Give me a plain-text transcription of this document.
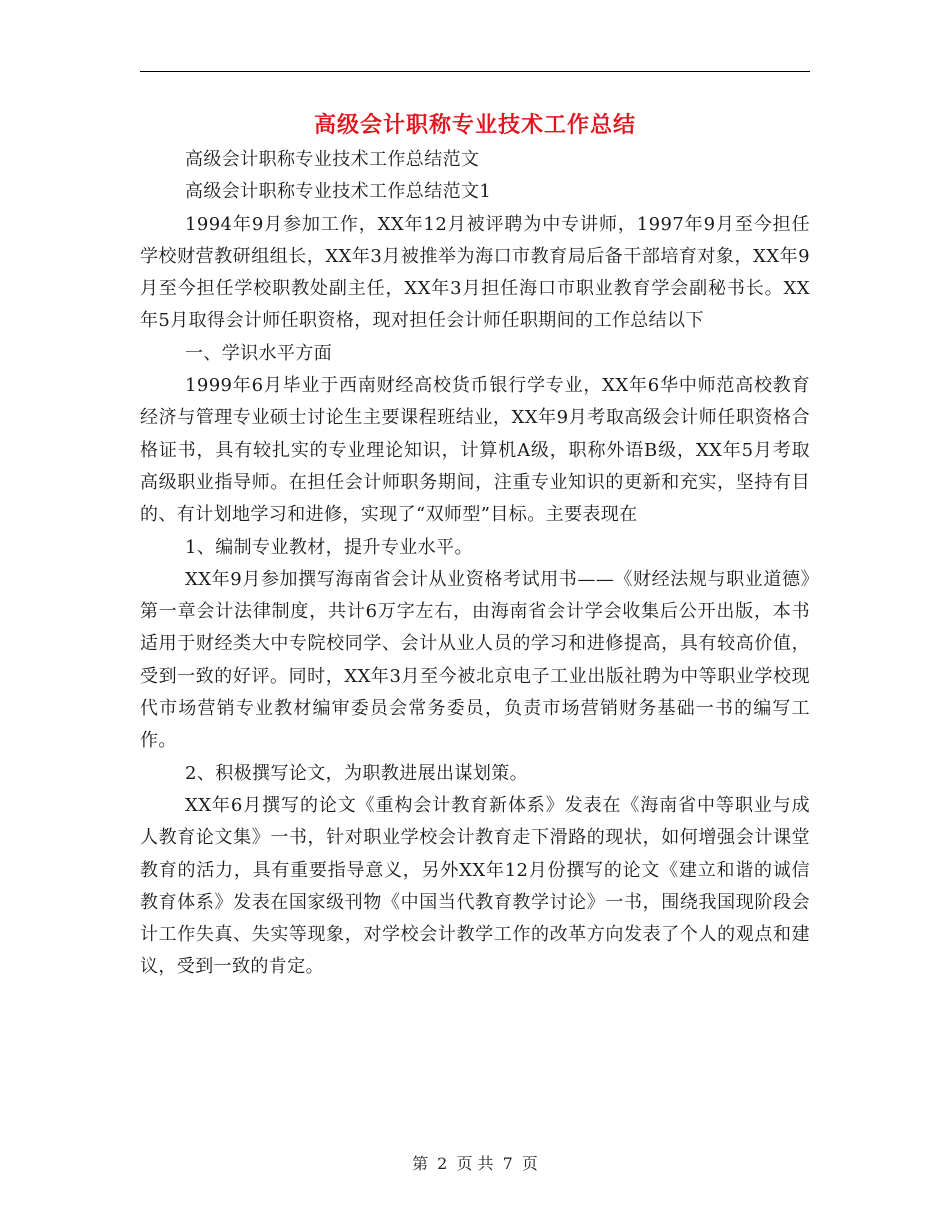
高级会计职称专业技术工作总结

高级会计职称专业技术工作总结范文

高级会计职称专业技术工作总结范文1

1994年9月参加工作，XX年12月被评聘为中专讲师，1997年9月至今担任学校财营教研组组长，XX年3月被推举为海口市教育局后备干部培育对象，XX年9月至今担任学校职教处副主任，XX年3月担任海口市职业教育学会副秘书长。XX年5月取得会计师任职资格，现对担任会计师任职期间的工作总结以下

一、学识水平方面

1999年6月毕业于西南财经高校货币银行学专业，XX年6华中师范高校教育经济与管理专业硕士讨论生主要课程班结业，XX年9月考取高级会计师任职资格合格证书，具有较扎实的专业理论知识，计算机A级，职称外语B级，XX年5月考取高级职业指导师。在担任会计师职务期间，注重专业知识的更新和充实，坚持有目的、有计划地学习和进修，实现了“双师型”目标。主要表现在

1、编制专业教材，提升专业水平。

XX年9月参加撰写海南省会计从业资格考试用书——《财经法规与职业道德》第一章会计法律制度，共计6万字左右，由海南省会计学会收集后公开出版，本书适用于财经类大中专院校同学、会计从业人员的学习和进修提高，具有较高价值，受到一致的好评。同时，XX年3月至今被北京电子工业出版社聘为中等职业学校现代市场营销专业教材编审委员会常务委员，负责市场营销财务基础一书的编写工作。

2、积极撰写论文，为职教进展出谋划策。

XX年6月撰写的论文《重构会计教育新体系》发表在《海南省中等职业与成人教育论文集》一书，针对职业学校会计教育走下滑路的现状，如何增强会计课堂教育的活力，具有重要指导意义，另外XX年12月份撰写的论文《建立和谐的诚信教育体系》发表在国家级刊物《中国当代教育教学讨论》一书，围绕我国现阶段会计工作失真、失实等现象，对学校会计教学工作的改革方向发表了个人的观点和建议，受到一致的肯定。

第 2 页 共 7 页
